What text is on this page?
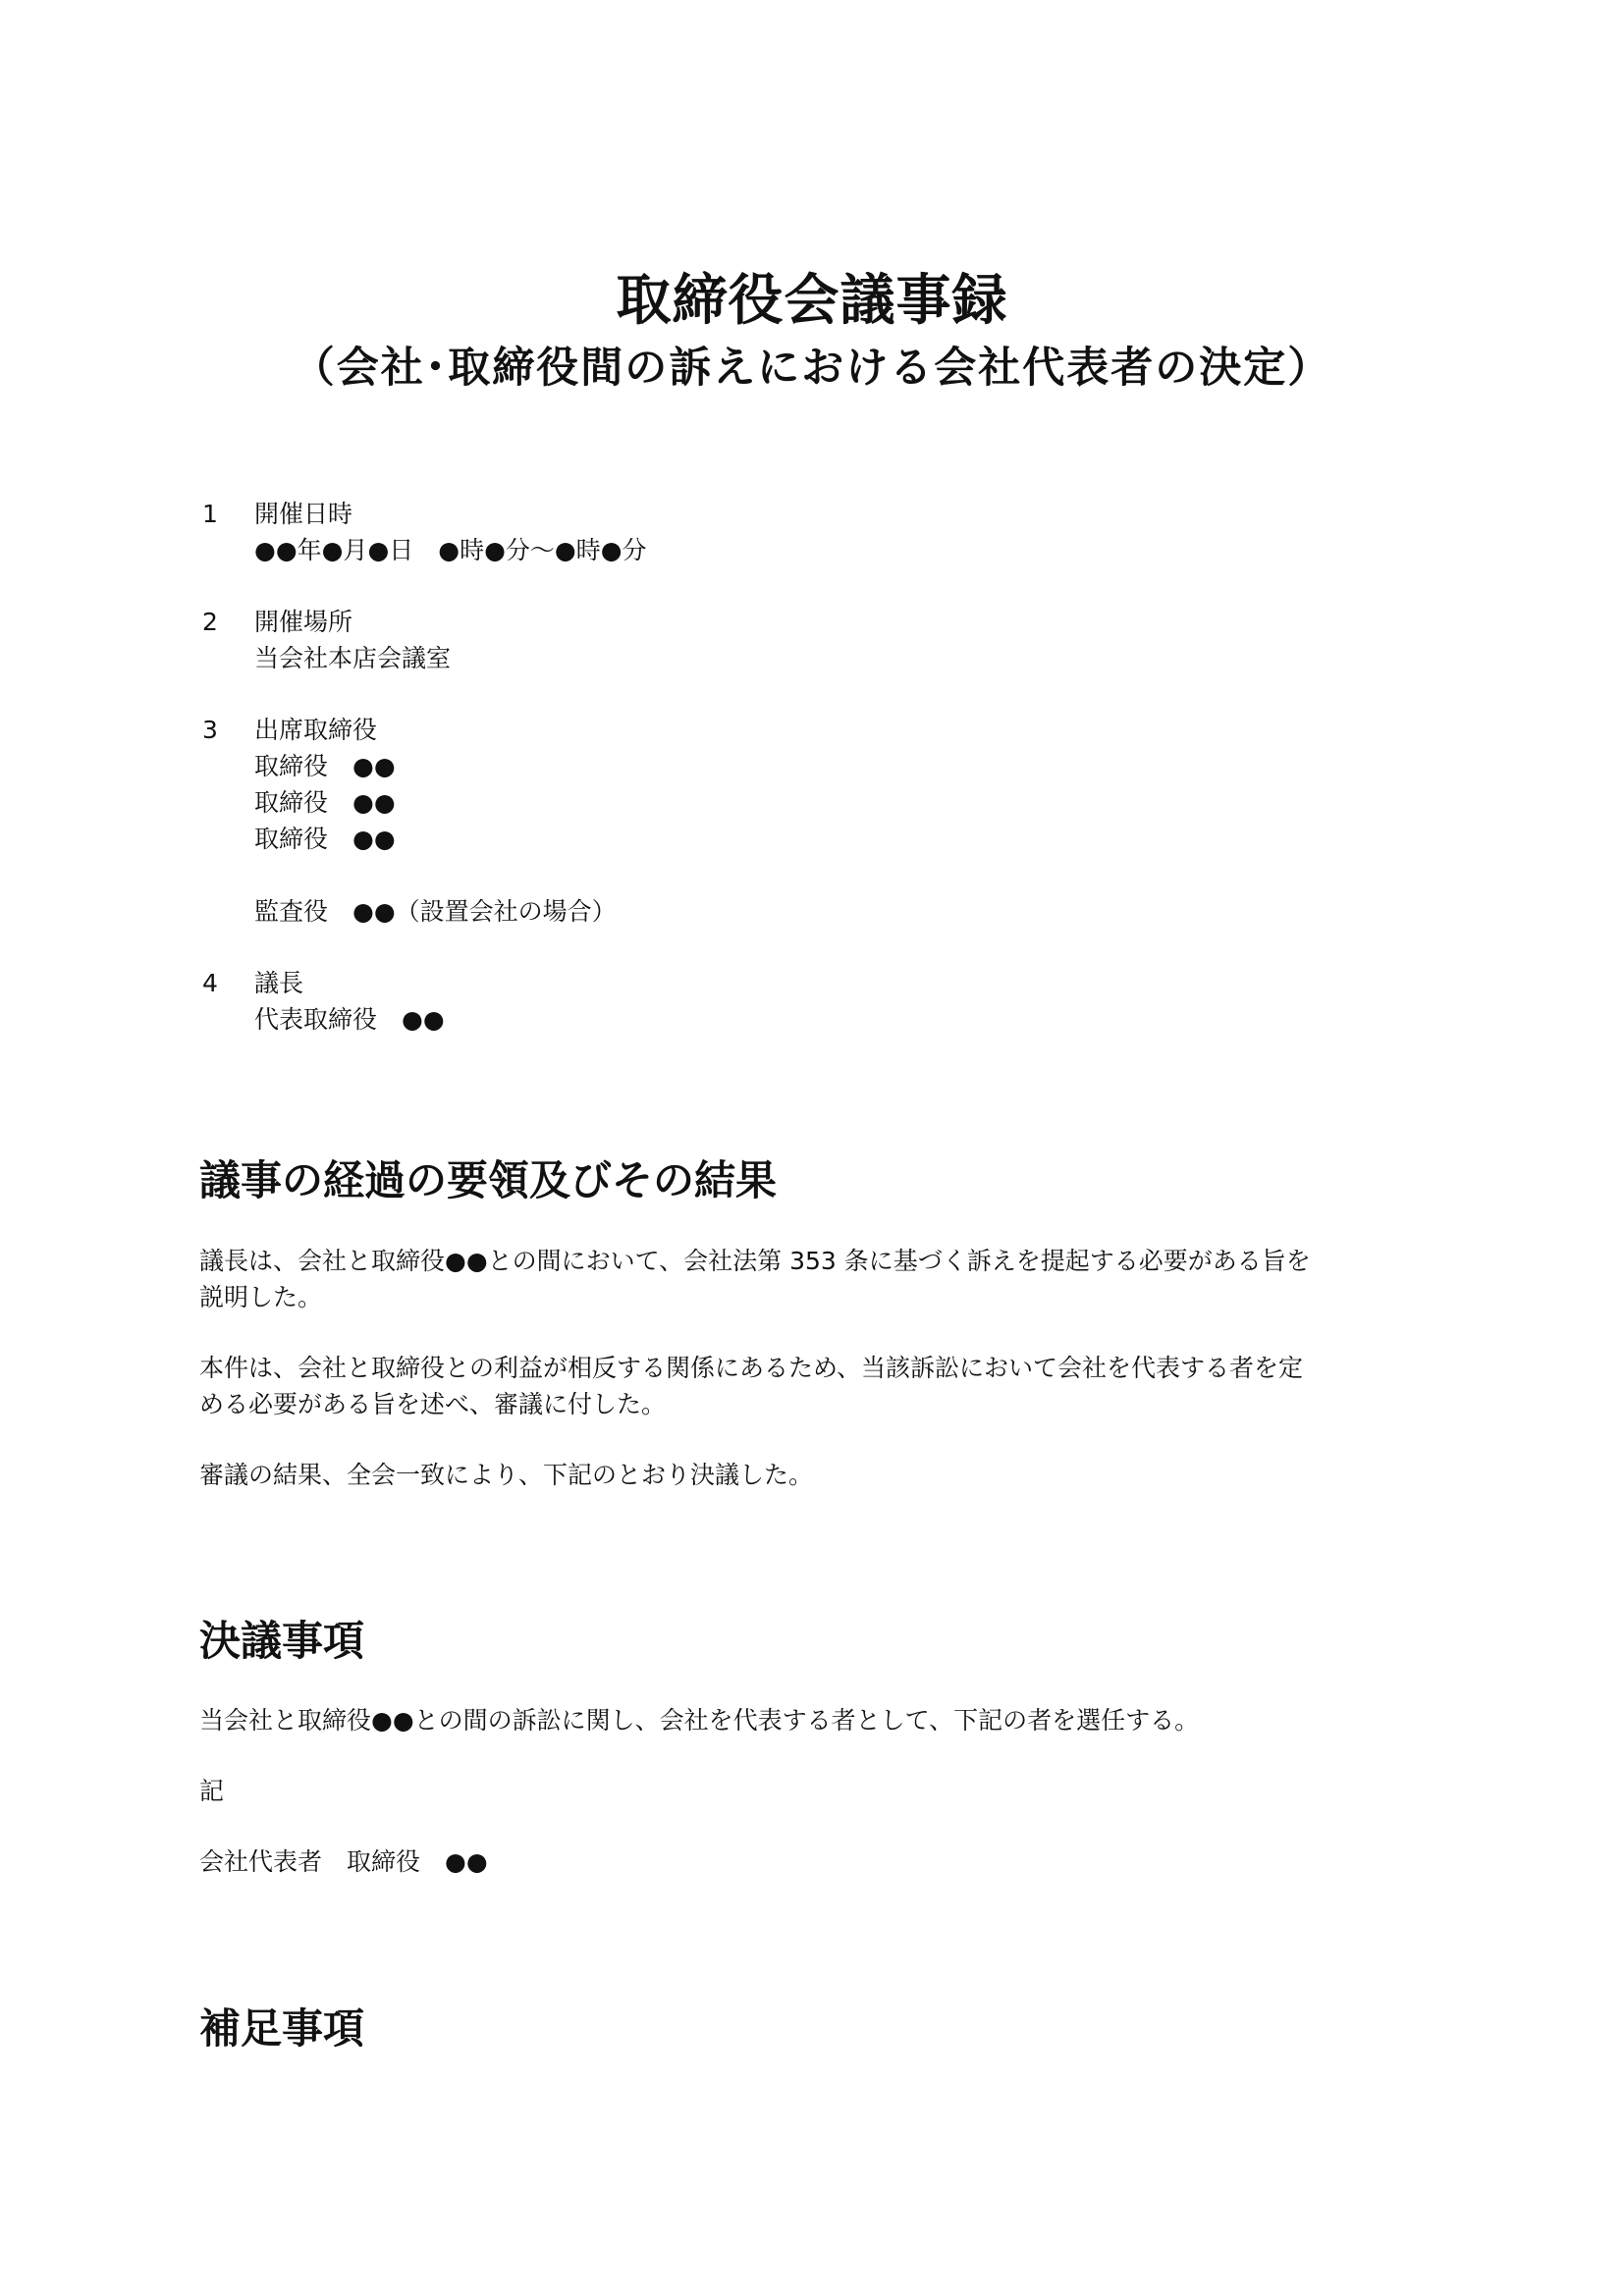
取締役会議事録
（会社･取締役間の訴えにおける会社代表者の決定）
1	開催日時
●●年●月●日　●時●分～●時●分
2	開催場所
当会社本店会議室
3	出席取締役
取締役　●●
取締役　●●
取締役　●●
監査役　●●（設置会社の場合）
4	議長
代表取締役　●●
議事の経過の要領及びその結果

議長は、会社と取締役●●との間において、会社法第 353 条に基づく訴えを提起する必要がある旨を
説明した。

本件は、会社と取締役との利益が相反する関係にあるため、当該訴訟において会社を代表する者を定
める必要がある旨を述べ、審議に付した。

審議の結果、全会一致により、下記のとおり決議した。

決議事項

当会社と取締役●●との間の訴訟に関し、会社を代表する者として、下記の者を選任する。

記

会社代表者　取締役　●●

補足事項
